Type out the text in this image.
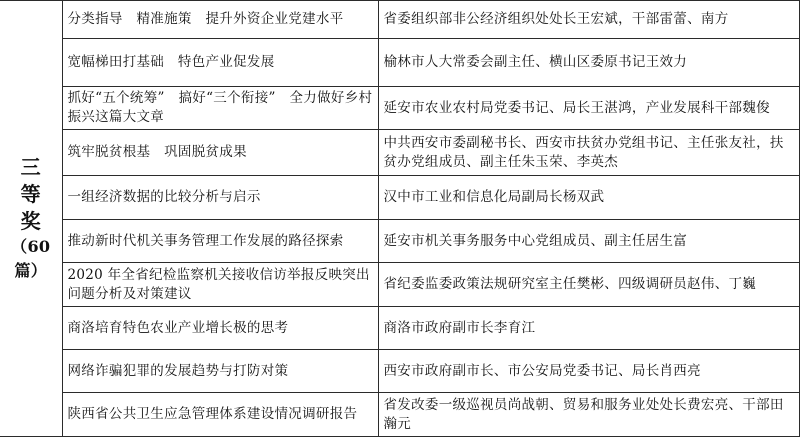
三
等
奖
（60 篇）	分类指导　精准施策　提升外资企业党建水平	省委组织部非公经济组织处处长王宏斌，干部雷蕾、南方
	宽幅梯田打基础　特色产业促发展	榆林市人大常委会副主任、横山区委原书记王效力
	抓好“五个统筹”　搞好“三个衔接”　全力做好乡村振兴这篇大文章	延安市农业农村局党委书记、局长王湛鸿，产业发展科干部魏俊
	筑牢脱贫根基　巩固脱贫成果	中共西安市委副秘书长、西安市扶贫办党组书记、主任张友社，扶贫办党组成员、副主任朱玉荣、李英杰
	一组经济数据的比较分析与启示	汉中市工业和信息化局副局长杨双武
	推动新时代机关事务管理工作发展的路径探索	延安市机关事务服务中心党组成员、副主任居生富
	2020 年全省纪检监察机关接收信访举报反映突出问题分析及对策建议	省纪委监委政策法规研究室主任樊彬、四级调研员赵伟、丁巍
	商洛培育特色农业产业增长极的思考	商洛市政府副市长李育江
	网络诈骗犯罪的发展趋势与打防对策	西安市政府副市长、市公安局党委书记、局长肖西亮
	陕西省公共卫生应急管理体系建设情况调研报告	省发改委一级巡视员尚战朝、贸易和服务业处处长费宏亮、干部田瀚元
